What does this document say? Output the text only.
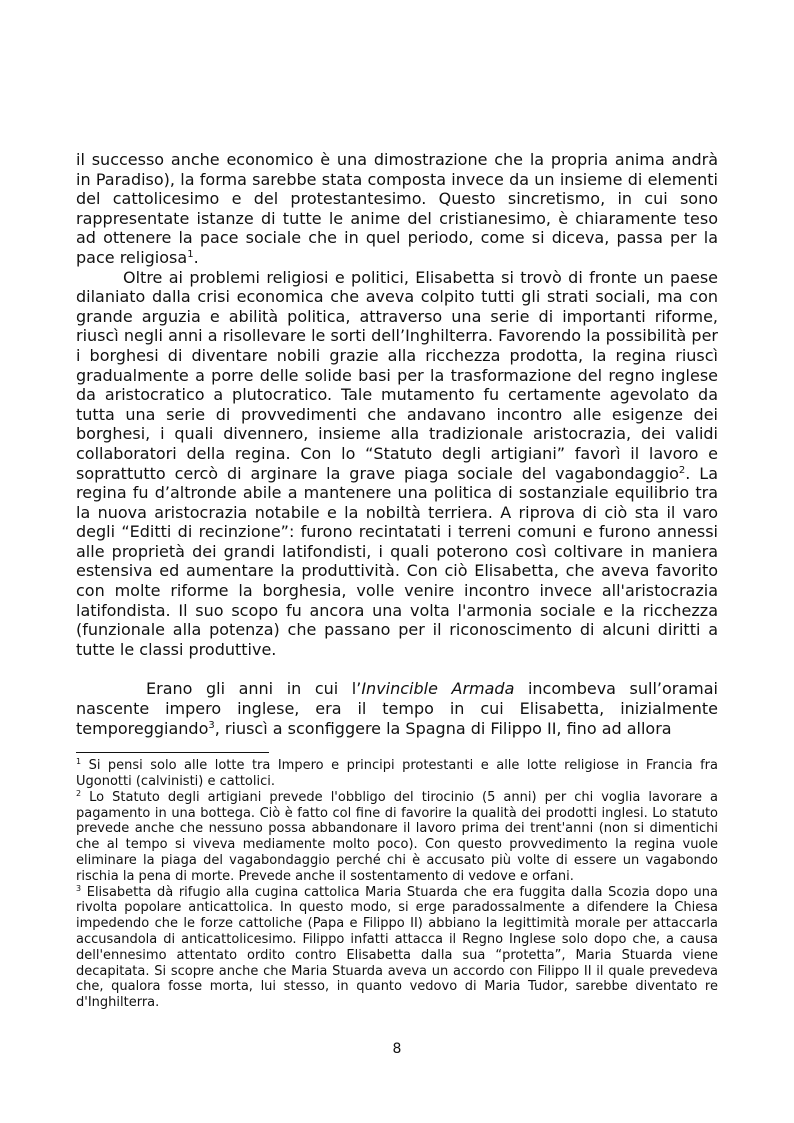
il successo anche economico è una dimostrazione che la propria anima andrà in Paradiso), la forma sarebbe stata composta invece da un insieme di elementi del cattolicesimo e del protestantesimo. Questo sincretismo, in cui sono rappresentate istanze di tutte le anime del cristianesimo, è chiaramente teso ad ottenere la pace sociale che in quel periodo, come si diceva, passa per la pace religiosa$^1$.

Oltre ai problemi religiosi e politici, Elisabetta si trovò di fronte un paese dilaniato dalla crisi economica che aveva colpito tutti gli strati sociali, ma con grande arguzia e abilità politica, attraverso una serie di importanti riforme, riuscì negli anni a risollevare le sorti dell’Inghilterra. Favorendo la possibilità per i borghesi di diventare nobili grazie alla ricchezza prodotta, la regina riuscì gradualmente a porre delle solide basi per la trasformazione del regno inglese da aristocratico a plutocratico. Tale mutamento fu certamente agevolato da tutta una serie di provvedimenti che andavano incontro alle esigenze dei borghesi, i quali divennero, insieme alla tradizionale aristocrazia, dei validi collaboratori della regina. Con lo “Statuto degli artigiani” favorì il lavoro e soprattutto cercò di arginare la grave piaga sociale del vagabondaggio$^2$. La regina fu d’altronde abile a mantenere una politica di sostanziale equilibrio tra la nuova aristocrazia notabile e la nobiltà terriera. A riprova di ciò sta il varo degli “Editti di recinzione”: furono recintatati i terreni comuni e furono annessi alle proprietà dei grandi latifondisti, i quali poterono così coltivare in maniera estensiva ed aumentare la produttività. Con ciò Elisabetta, che aveva favorito con molte riforme la borghesia, volle venire incontro invece all'aristocrazia latifondista. Il suo scopo fu ancora una volta l'armonia sociale e la ricchezza (funzionale alla potenza) che passano per il riconoscimento di alcuni diritti a tutte le classi produttive.

Erano gli anni in cui l’Invincible Armada incombeva sull’oramai nascente impero inglese, era il tempo in cui Elisabetta, inizialmente temporeggiando$^3$, riuscì a sconfiggere la Spagna di Filippo II, fino ad allora

$^1$ Si pensi solo alle lotte tra Impero e principi protestanti e alle lotte religiose in Francia fra Ugonotti (calvinisti) e cattolici.

$^2$ Lo Statuto degli artigiani prevede l'obbligo del tirocinio (5 anni) per chi voglia lavorare a pagamento in una bottega. Ciò è fatto col fine di favorire la qualità dei prodotti inglesi. Lo statuto prevede anche che nessuno possa abbandonare il lavoro prima dei trent'anni (non si dimentichi che al tempo si viveva mediamente molto poco). Con questo provvedimento la regina vuole eliminare la piaga del vagabondaggio perché chi è accusato più volte di essere un vagabondo rischia la pena di morte. Prevede anche il sostentamento di vedove e orfani.

$^3$ Elisabetta dà rifugio alla cugina cattolica Maria Stuarda che era fuggita dalla Scozia dopo una rivolta popolare anticattolica. In questo modo, si erge paradossalmente a difendere la Chiesa impedendo che le forze cattoliche (Papa e Filippo II) abbiano la legittimità morale per attaccarla accusandola di anticattolicesimo. Filippo infatti attacca il Regno Inglese solo dopo che, a causa dell'ennesimo attentato ordito contro Elisabetta dalla sua “protetta”, Maria Stuarda viene decapitata. Si scopre anche che Maria Stuarda aveva un accordo con Filippo II il quale prevedeva che, qualora fosse morta, lui stesso, in quanto vedovo di Maria Tudor, sarebbe diventato re d'Inghilterra.

8
